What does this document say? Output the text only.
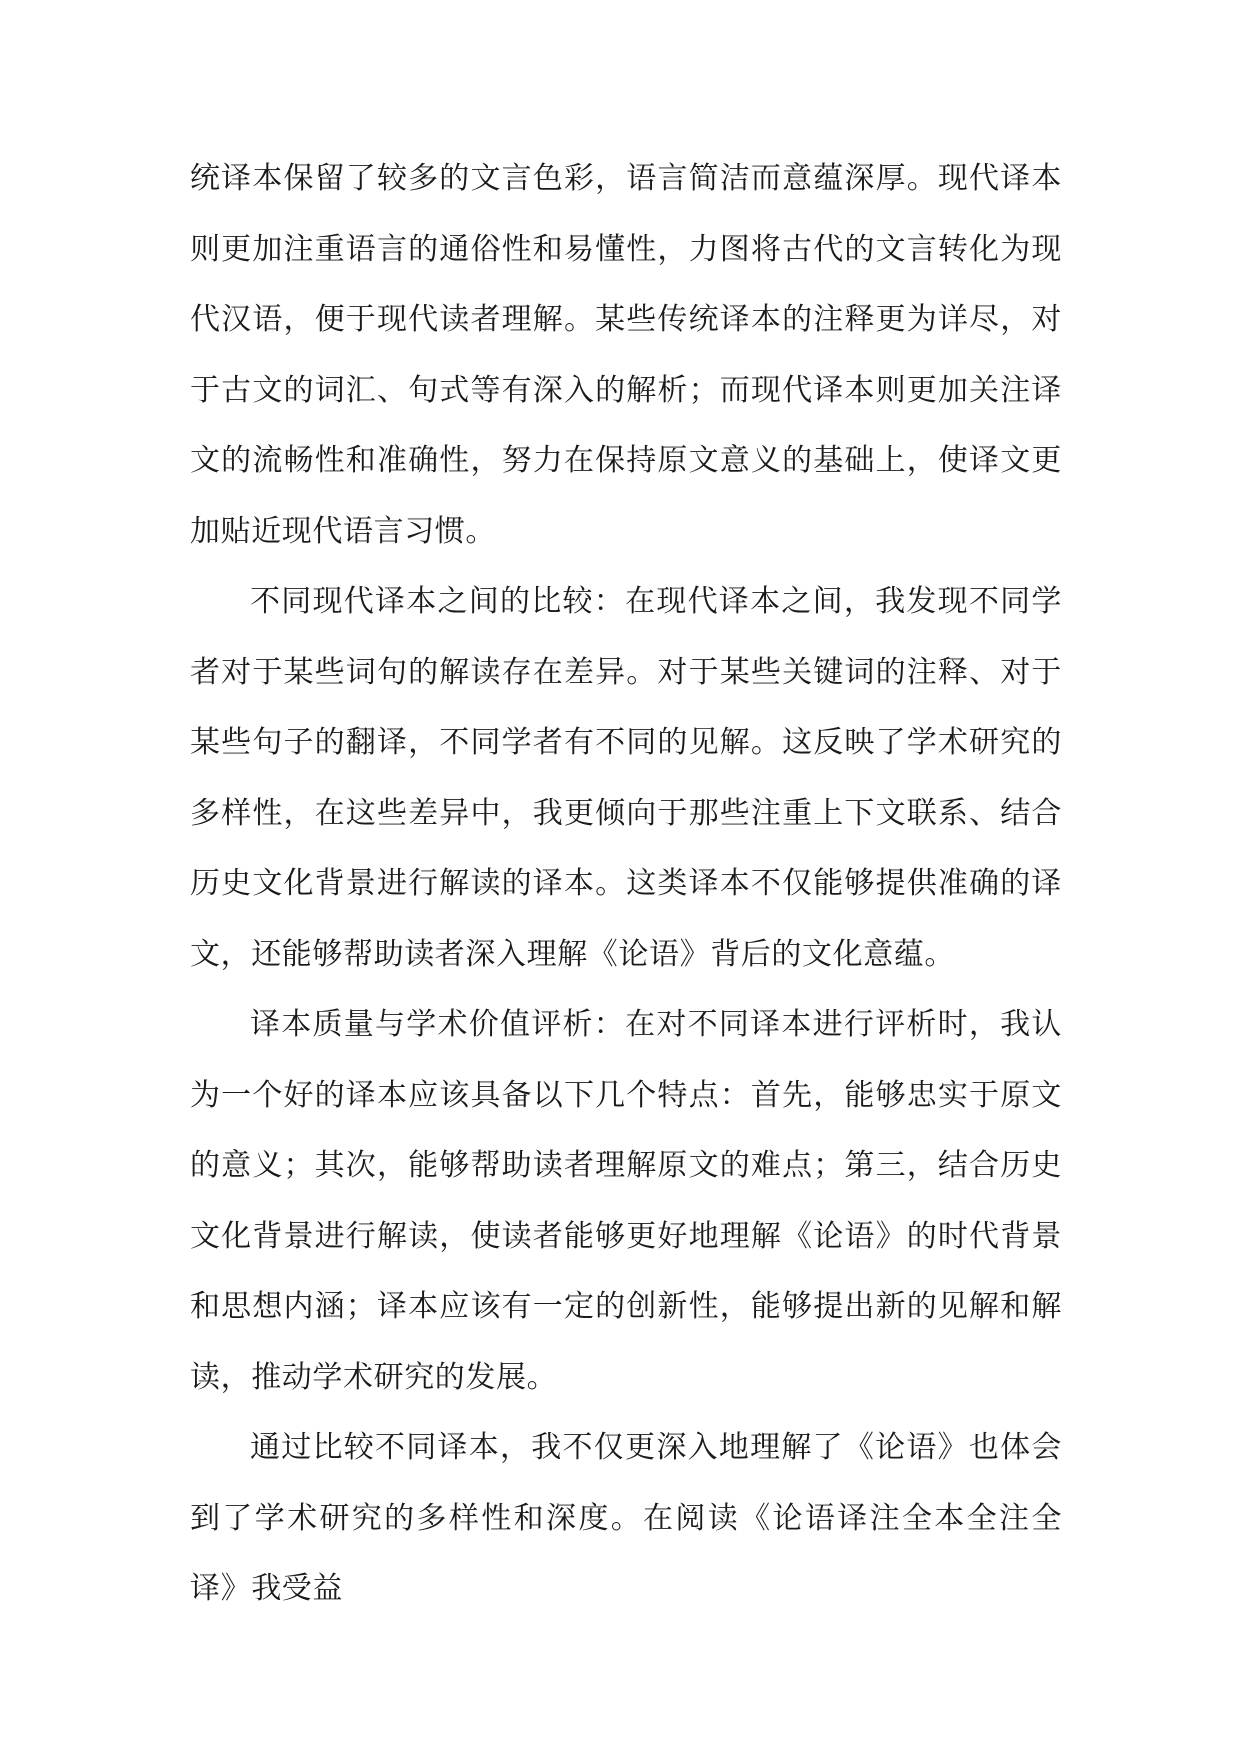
统译本保留了较多的文言色彩，语言简洁而意蕴深厚。现代译本则更加注重语言的通俗性和易懂性，力图将古代的文言转化为现代汉语，便于现代读者理解。某些传统译本的注释更为详尽，对于古文的词汇、句式等有深入的解析；而现代译本则更加关注译文的流畅性和准确性，努力在保持原文意义的基础上，使译文更加贴近现代语言习惯。

不同现代译本之间的比较：在现代译本之间，我发现不同学者对于某些词句的解读存在差异。对于某些关键词的注释、对于某些句子的翻译，不同学者有不同的见解。这反映了学术研究的多样性，在这些差异中，我更倾向于那些注重上下文联系、结合历史文化背景进行解读的译本。这类译本不仅能够提供准确的译文，还能够帮助读者深入理解《论语》背后的文化意蕴。

译本质量与学术价值评析：在对不同译本进行评析时，我认为一个好的译本应该具备以下几个特点：首先，能够忠实于原文的意义；其次，能够帮助读者理解原文的难点；第三，结合历史文化背景进行解读，使读者能够更好地理解《论语》的时代背景和思想内涵；译本应该有一定的创新性，能够提出新的见解和解读，推动学术研究的发展。

通过比较不同译本，我不仅更深入地理解了《论语》也体会到了学术研究的多样性和深度。在阅读《论语译注全本全注全译》我受益
